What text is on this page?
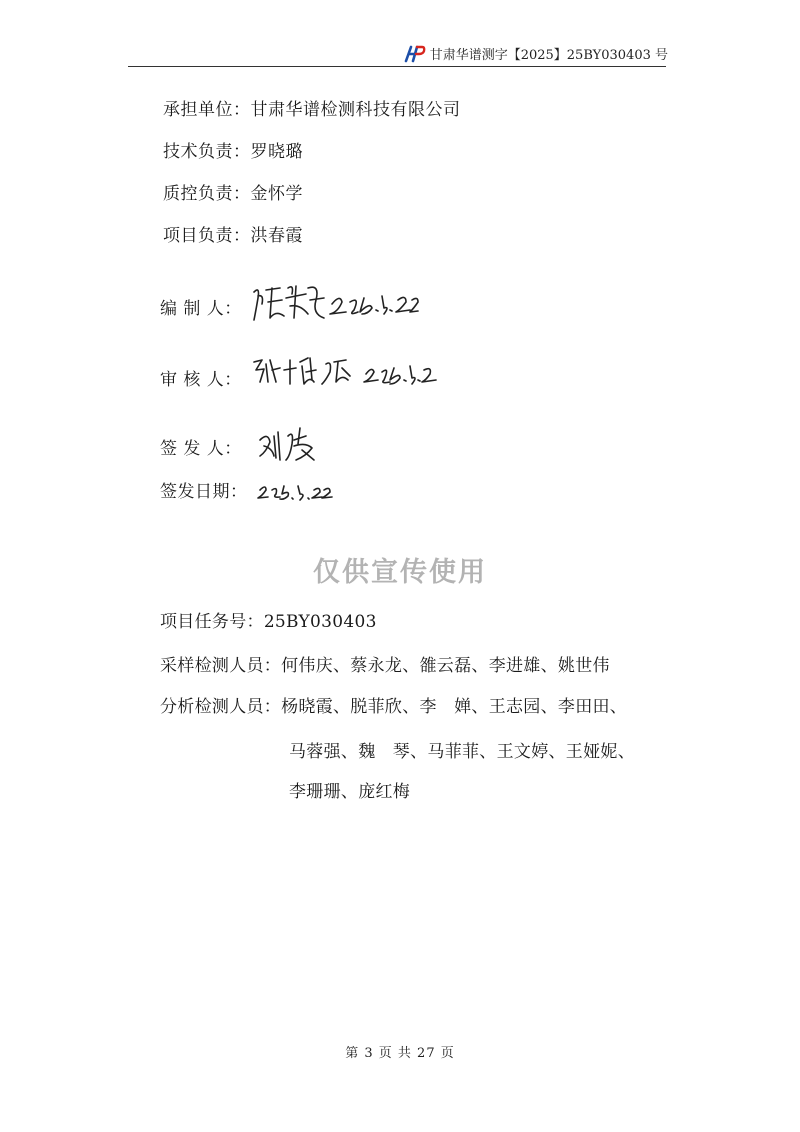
甘肃华谱测字【2025】25BY030403 号
承担单位：甘肃华谱检测科技有限公司
技术负责：罗晓璐
质控负责：金怀学
项目负责：洪春霞
编 制 人：
审 核 人：
签 发 人：
签发日期：
仅供宣传使用
项目任务号：25BY030403
采样检测人员：何伟庆、蔡永龙、雒云磊、李进雄、姚世伟
分析检测人员：杨晓霞、脱菲欣、李　婵、王志园、李田田、
马蓉强、魏　琴、马菲菲、王文婷、王娅妮、
李珊珊、庞红梅
第 3 页 共 27 页
